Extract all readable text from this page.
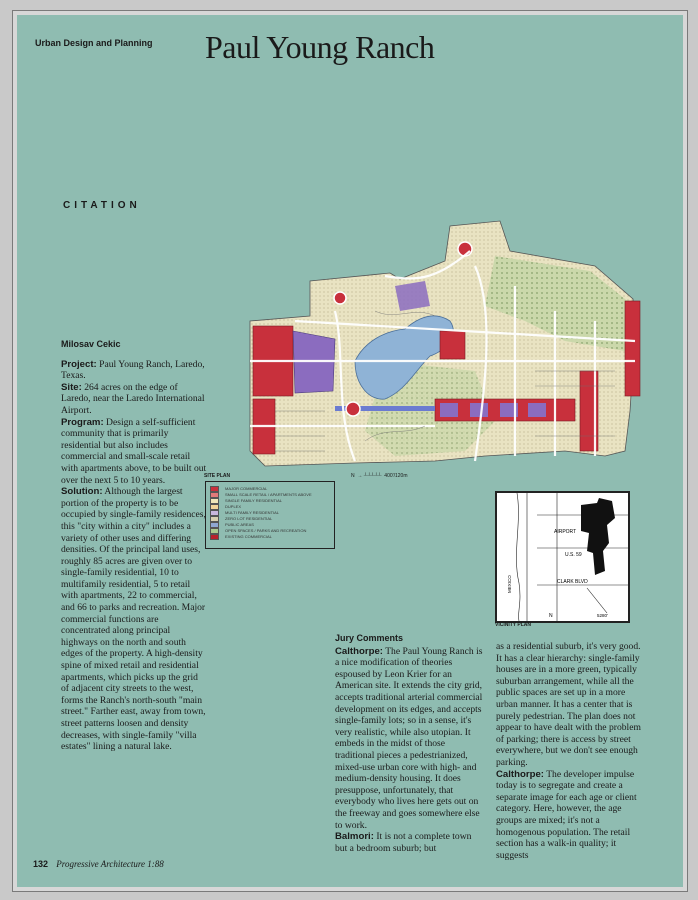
Urban Design and Planning Paul Young Ranch
CITATION
SITE PLAN
MAJOR COMMERCIAL
SMALL SCALE RETAIL / APARTMENTS ABOVE
SINGLE FAMILY RESIDENTIAL
DUPLEX
MULTI FAMILY RESIDENTIAL
ZERO LOT RESIDENTIAL
PUBLIC AREAS
OPEN SPACES / PARKS AND RECREATION
EXISTING COMMERCIAL
N  → ┴┴┴┴┴  400'/120m
AIRPORT
U.S. 59
CLARK BLVD
MEXICO
N	5280'
VICINITY PLAN
Milosav Cekic

Project: Paul Young Ranch, Laredo, Texas.

Site: 264 acres on the edge of Laredo, near the Laredo International Airport.

Program: Design a self-sufficient community that is primarily residential but also includes commercial and small-scale retail with apartments above, to be built out over the next 5 to 10 years.

Solution: Although the largest portion of the property is to be occupied by single-family residences, this "city within a city" includes a variety of other uses and differing densities. Of the principal land uses, roughly 85 acres are given over to single-family residential, 10 to multifamily residential, 5 to retail with apartments, 22 to commercial, and 66 to parks and recreation. Major commercial functions are concentrated along principal highways on the north and south edges of the property. A high-density spine of mixed retail and residential apartments, which picks up the grid of adjacent city streets to the west, forms the Ranch's north-south "main street." Farther east, away from town, street patterns loosen and density decreases, with single-family "villa estates" lining a natural lake.

Jury Comments

Calthorpe: The Paul Young Ranch is a nice modification of theories espoused by Leon Krier for an American site. It extends the city grid, accepts traditional arterial commercial development on its edges, and accepts single-family lots; so in a sense, it's very realistic, while also utopian. It embeds in the midst of those traditional pieces a pedestrianized, mixed-use urban core with high- and medium-density housing. It does presuppose, unfortunately, that everybody who lives here gets out on the freeway and goes somewhere else to work.

Balmori: It is not a complete town but a bedroom suburb; but

as a residential suburb, it's very good. It has a clear hierarchy: single-family houses are in a more green, typically suburban arrangement, while all the public spaces are set up in a more urban manner. It has a center that is purely pedestrian. The plan does not appear to have dealt with the problem of parking; there is access by street everywhere, but we don't see enough parking.

Calthorpe: The developer impulse today is to segregate and create a separate image for each age or client category. Here, however, the age groups are mixed; it's not a homogenous population. The retail section has a walk-in quality; it suggests

132 Progressive Architecture 1:88
